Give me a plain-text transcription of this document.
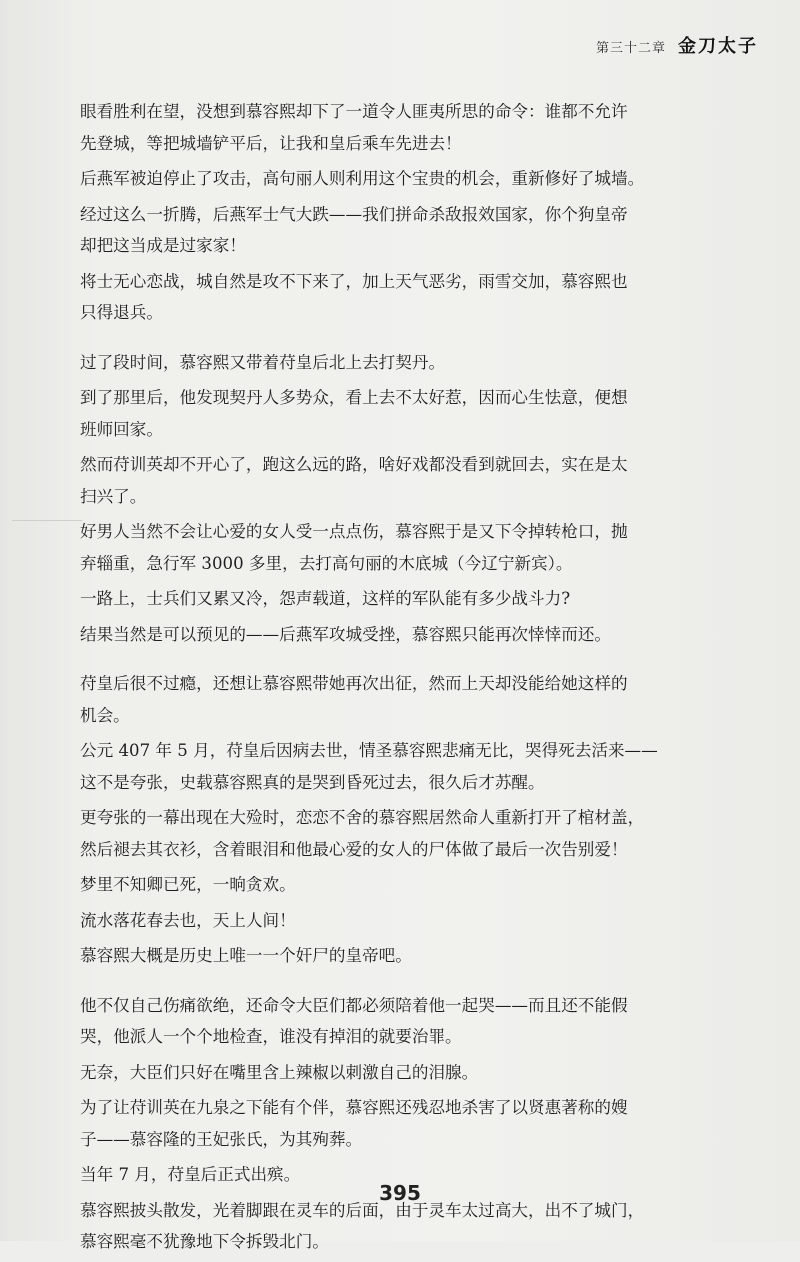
第三十二章 金刀太子

眼看胜利在望，没想到慕容熙却下了一道令人匪夷所思的命令：谁都不允许
先登城，等把城墙铲平后，让我和皇后乘车先进去！

后燕军被迫停止了攻击，高句丽人则利用这个宝贵的机会，重新修好了城墙。

经过这么一折腾，后燕军士气大跌——我们拼命杀敌报效国家，你个狗皇帝
却把这当成是过家家！

将士无心恋战，城自然是攻不下来了，加上天气恶劣，雨雪交加，慕容熙也
只得退兵。

过了段时间，慕容熙又带着苻皇后北上去打契丹。

到了那里后，他发现契丹人多势众，看上去不太好惹，因而心生怯意，便想
班师回家。

然而苻训英却不开心了，跑这么远的路，啥好戏都没看到就回去，实在是太
扫兴了。

好男人当然不会让心爱的女人受一点点伤，慕容熙于是又下令掉转枪口，抛
弃辎重，急行军 3000 多里，去打高句丽的木底城（今辽宁新宾）。

一路上，士兵们又累又冷，怨声载道，这样的军队能有多少战斗力?

结果当然是可以预见的——后燕军攻城受挫，慕容熙只能再次悻悻而还。

苻皇后很不过瘾，还想让慕容熙带她再次出征，然而上天却没能给她这样的
机会。

公元 407 年 5 月，苻皇后因病去世，情圣慕容熙悲痛无比，哭得死去活来——
这不是夸张，史载慕容熙真的是哭到昏死过去，很久后才苏醒。

更夸张的一幕出现在大殓时，恋恋不舍的慕容熙居然命人重新打开了棺材盖，
然后褪去其衣衫，含着眼泪和他最心爱的女人的尸体做了最后一次告别爱！

梦里不知卿已死，一晌贪欢。

流水落花春去也，天上人间！

慕容熙大概是历史上唯一一个奸尸的皇帝吧。

他不仅自己伤痛欲绝，还命令大臣们都必须陪着他一起哭——而且还不能假
哭，他派人一个个地检查，谁没有掉泪的就要治罪。

无奈，大臣们只好在嘴里含上辣椒以刺激自己的泪腺。

为了让苻训英在九泉之下能有个伴，慕容熙还残忍地杀害了以贤惠著称的嫂
子——慕容隆的王妃张氏，为其殉葬。

当年 7 月，苻皇后正式出殡。

慕容熙披头散发，光着脚跟在灵车的后面，由于灵车太过高大，出不了城门，
慕容熙毫不犹豫地下令拆毁北门。

395
